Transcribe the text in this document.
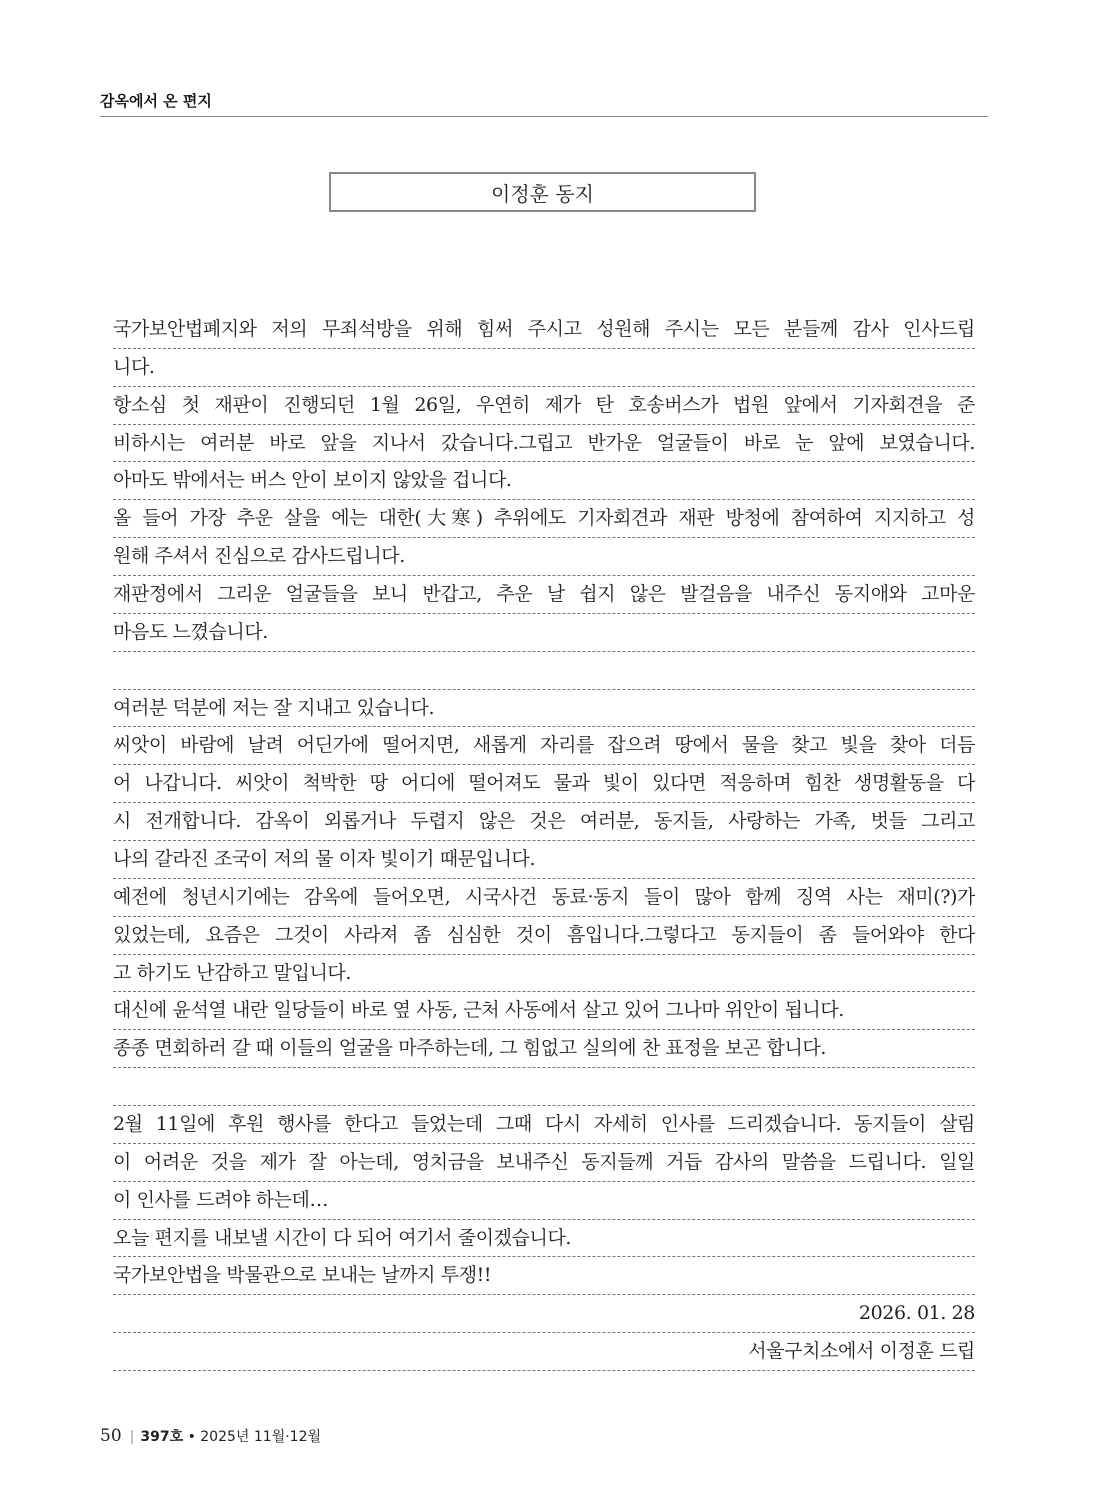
감옥에서 온 편지
이정훈 동지
국가보안법폐지와 저의 무죄석방을 위해 힘써 주시고 성원해 주시는 모든 분들께 감사 인사드립
니다.
항소심 첫 재판이 진행되던 1월 26일, 우연히 제가 탄 호송버스가 법원 앞에서 기자회견을 준
비하시는 여러분 바로 앞을 지나서 갔습니다.그립고 반가운 얼굴들이 바로 눈 앞에 보였습니다.
아마도 밖에서는 버스 안이 보이지 않았을 겁니다.
올 들어 가장 추운 살을 에는 대한(大寒) 추위에도 기자회견과 재판 방청에 참여하여 지지하고 성
원해 주셔서 진심으로 감사드립니다.
재판정에서 그리운 얼굴들을 보니 반갑고, 추운 날 쉽지 않은 발걸음을 내주신 동지애와 고마운
마음도 느꼈습니다.
여러분 덕분에 저는 잘 지내고 있습니다.
씨앗이 바람에 날려 어딘가에 떨어지면, 새롭게 자리를 잡으려 땅에서 물을 찾고 빛을 찾아 더듬
어 나갑니다. 씨앗이 척박한 땅 어디에 떨어져도 물과 빛이 있다면 적응하며 힘찬 생명활동을 다
시 전개합니다. 감옥이 외롭거나 두렵지 않은 것은 여러분, 동지들, 사랑하는 가족, 벗들 그리고
나의 갈라진 조국이 저의 물 이자 빛이기 때문입니다.
예전에 청년시기에는 감옥에 들어오면, 시국사건 동료·동지 들이 많아 함께 징역 사는 재미(?)가
있었는데, 요즘은 그것이 사라져 좀 심심한 것이 흠입니다.그렇다고 동지들이 좀 들어와야 한다
고 하기도 난감하고 말입니다.
대신에 윤석열 내란 일당들이 바로 옆 사동, 근처 사동에서 살고 있어 그나마 위안이 됩니다.
종종 면회하러 갈 때 이들의 얼굴을 마주하는데, 그 힘없고 실의에 찬 표정을 보곤 합니다.
2월 11일에 후원 행사를 한다고 들었는데 그때 다시 자세히 인사를 드리겠습니다. 동지들이 살림
이 어려운 것을 제가 잘 아는데, 영치금을 보내주신 동지들께 거듭 감사의 말씀을 드립니다. 일일
이 인사를 드려야 하는데…
오늘 편지를 내보낼 시간이 다 되어 여기서 줄이겠습니다.
국가보안법을 박물관으로 보내는 날까지 투쟁!!
2026. 01. 28
서울구치소에서 이정훈 드립
50 | 397호 • 2025년 11월·12월
